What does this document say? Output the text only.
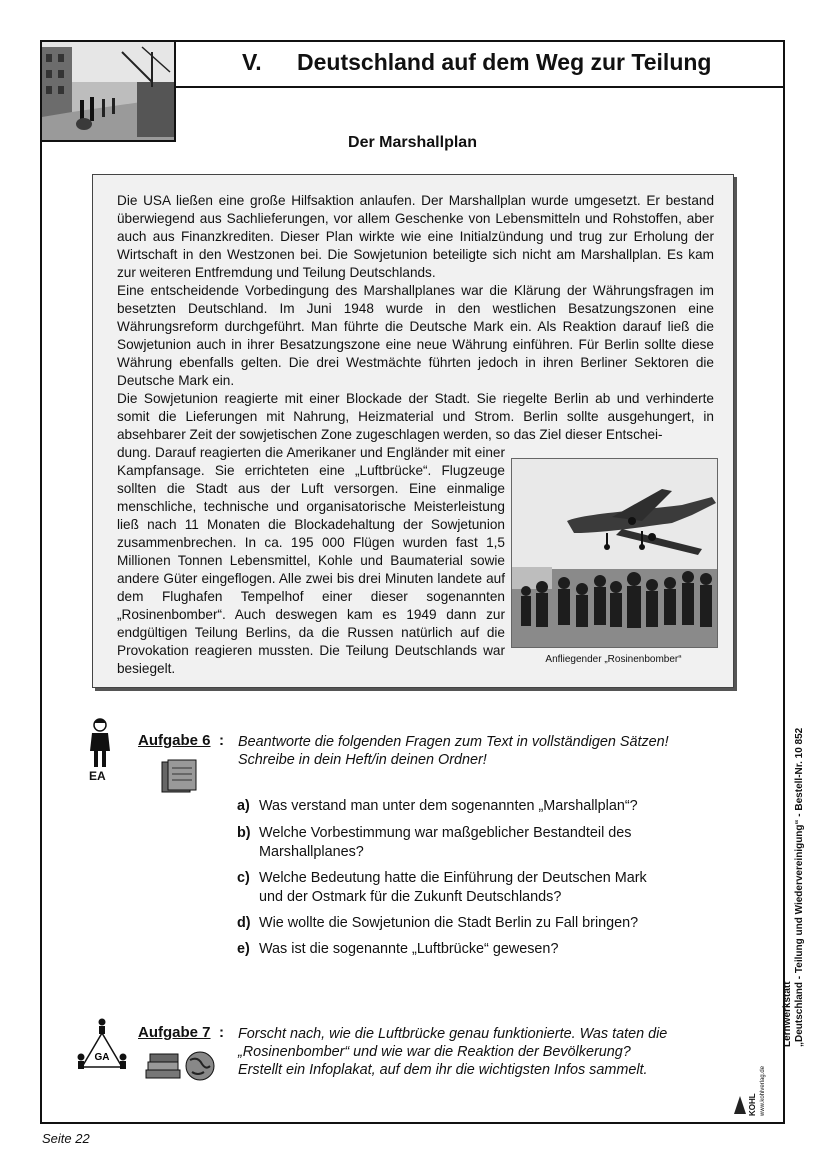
V. Deutschland auf dem Weg zur Teilung
Der Marshallplan

Die USA ließen eine große Hilfsaktion anlaufen. Der Marshallplan wurde umgesetzt. Er bestand überwiegend aus Sachlieferungen, vor allem Geschenke von Lebensmitteln und Rohstoffen, aber auch aus Finanzkrediten. Dieser Plan wirkte wie eine Initialzündung und trug zur Erholung der Wirtschaft in den Westzonen bei. Die Sowjetunion beteiligte sich nicht am Marshallplan. Es kam zur weiteren Entfremdung und Teilung Deutschlands.

Eine entscheidende Vorbedingung des Marshallplanes war die Klärung der Währungsfragen im besetzten Deutschland. Im Juni 1948 wurde in den westlichen Besatzungszonen eine Währungsreform durchgeführt. Man führte die Deutsche Mark ein. Als Reaktion darauf ließ die Sowjetunion auch in ihrer Besatzungszone eine neue Währung einführen. Für Berlin sollte diese Währung ebenfalls gelten. Die drei Westmächte führten jedoch in ihren Berliner Sektoren die Deutsche Mark ein.

Die Sowjetunion reagierte mit einer Blockade der Stadt. Sie riegelte Berlin ab und verhinderte somit die Lieferungen mit Nahrung, Heizmaterial und Strom. Berlin sollte ausgehungert, in absehbarer Zeit der sowjetischen Zone zugeschlagen werden, so das Ziel dieser Entschei-

dung. Darauf reagierten die Amerikaner und Engländer mit einer Kampfansage. Sie errichteten eine „Luftbrücke“. Flugzeuge sollten die Stadt aus der Luft versorgen. Eine einmalige menschliche, technische und organisatorische Meisterleistung ließ nach 11 Monaten die Blockadehaltung der Sowjetunion zusammenbrechen. In ca. 195 000 Flügen wurden fast 1,5 Millionen Tonnen Lebensmittel, Kohle und Baumaterial sowie andere Güter eingeflogen. Alle zwei bis drei Minuten landete auf dem Flughafen Tempelhof einer dieser sogenannten „Rosinenbomber“. Auch deswegen kam es 1949 dann zur endgültigen Teilung Berlins, da die Russen natürlich auf die Provokation reagieren mussten. Die Teilung Deutschlands war besiegelt.

Anfliegender „Rosinenbomber“
EA
Aufgabe 6 : Beantworte die folgenden Fragen zum Text in vollständigen Sätzen!
Schreibe in dein Heft/in deinen Ordner!
a) Was verstand man unter dem sogenannten „Marshallplan“?
b) Welche Vorbestimmung war maßgeblicher Bestandteil des
Marshallplanes?
c) Welche Bedeutung hatte die Einführung der Deutschen Mark
und der Ostmark für die Zukunft Deutschlands?
d) Wie wollte die Sowjetunion die Stadt Berlin zu Fall bringen?
e) Was ist die sogenannte „Luftbrücke“ gewesen?
GA
Aufgabe 7 : Forscht nach, wie die Luftbrücke genau funktionierte. Was taten die
„Rosinenbomber“ und wie war die Reaktion der Bevölkerung?
Erstellt ein Infoplakat, auf dem ihr die wichtigsten Infos sammelt.
Lernwerkstatt „Deutschland - Teilung und Wiedervereinigung“ - Bestell-Nr. 10 852
KOHL www.kohlverlag.de
Seite 22
